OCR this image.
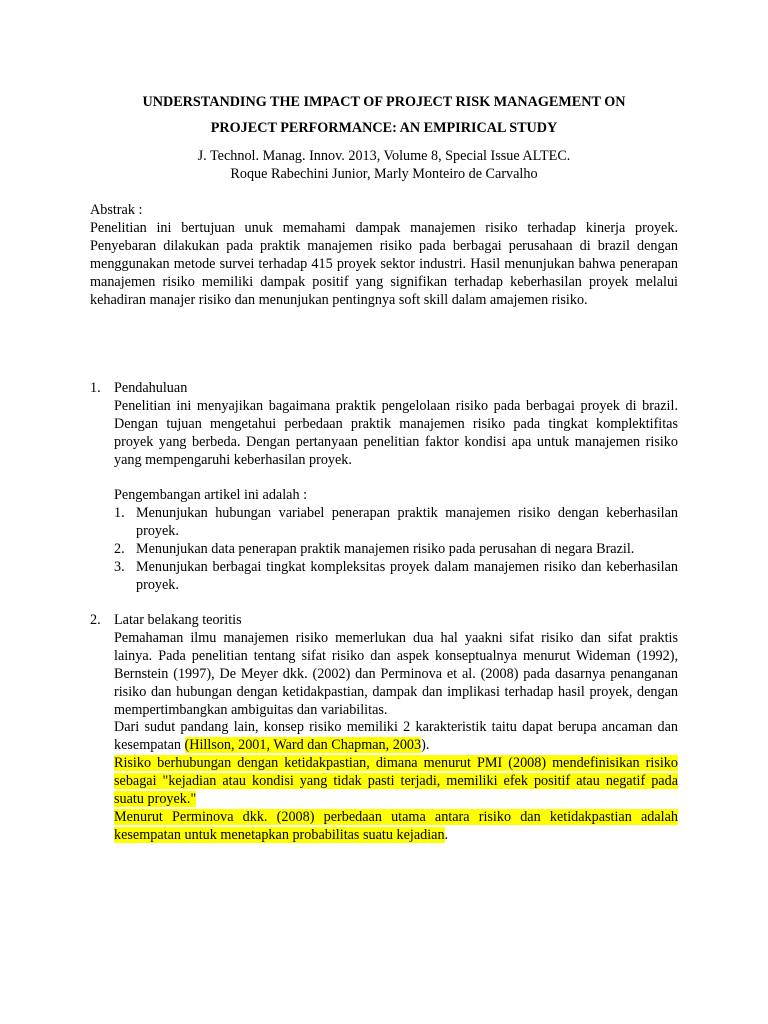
UNDERSTANDING THE IMPACT OF PROJECT RISK MANAGEMENT ON

PROJECT PERFORMANCE: AN EMPIRICAL STUDY

J. Technol. Manag. Innov. 2013, Volume 8, Special Issue ALTEC.

Roque Rabechini Junior, Marly Monteiro de Carvalho

Abstrak :

Penelitian ini bertujuan unuk memahami dampak manajemen risiko terhadap kinerja proyek. Penyebaran dilakukan pada praktik manajemen risiko pada berbagai perusahaan di brazil dengan menggunakan metode survei terhadap 415 proyek sektor industri. Hasil menunjukan bahwa penerapan manajemen risiko memiliki dampak positif yang signifikan terhadap keberhasilan proyek melalui kehadiran manajer risiko dan menunjukan pentingnya soft skill dalam amajemen risiko.

1. Pendahuluan

Penelitian ini menyajikan bagaimana praktik pengelolaan risiko pada berbagai proyek di brazil. Dengan tujuan mengetahui perbedaan praktik manajemen risiko pada tingkat komplektifitas proyek yang berbeda. Dengan pertanyaan penelitian faktor kondisi apa untuk manajemen risiko yang mempengaruhi keberhasilan proyek.

Pengembangan artikel ini adalah :

1. Menunjukan hubungan variabel penerapan praktik manajemen risiko dengan keberhasilan proyek.

2. Menunjukan data penerapan praktik manajemen risiko pada perusahan di negara Brazil.

3. Menunjukan berbagai tingkat kompleksitas proyek dalam manajemen risiko dan keberhasilan proyek.

2. Latar belakang teoritis

Pemahaman ilmu manajemen risiko memerlukan dua hal yaakni sifat risiko dan sifat praktis lainya. Pada penelitian tentang sifat risiko dan aspek konseptualnya menurut Wideman (1992), Bernstein (1997), De Meyer dkk. (2002) dan Perminova et al. (2008) pada dasarnya penanganan risiko dan hubungan dengan ketidakpastian, dampak dan implikasi terhadap hasil proyek, dengan mempertimbangkan ambiguitas dan variabilitas.

Dari sudut pandang lain, konsep risiko memiliki 2 karakteristik taitu dapat berupa ancaman dan kesempatan (Hillson, 2001, Ward dan Chapman, 2003).

Risiko berhubungan dengan ketidakpastian, dimana menurut PMI (2008) mendefinisikan risiko sebagai "kejadian atau kondisi yang tidak pasti terjadi, memiliki efek positif atau negatif pada suatu proyek."

Menurut Perminova dkk. (2008) perbedaan utama antara risiko dan ketidakpastian adalah kesempatan untuk menetapkan probabilitas suatu kejadian.
